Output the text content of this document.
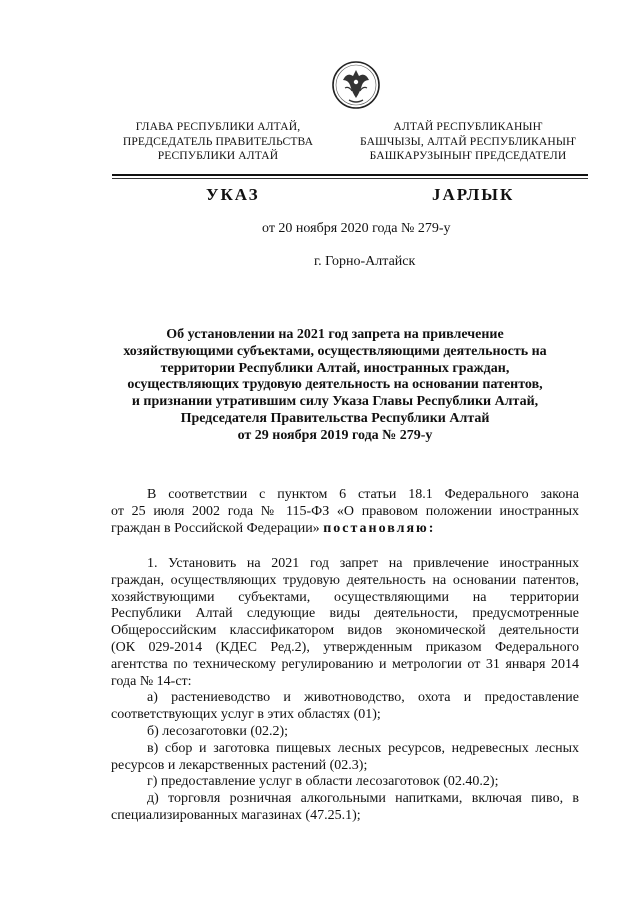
ГЛАВА РЕСПУБЛИКИ АЛТАЙ,
ПРЕДСЕДАТЕЛЬ ПРАВИТЕЛЬСТВА
РЕСПУБЛИКИ АЛТАЙ
АЛТАЙ РЕСПУБЛИКАНЫҤ
БАШЧЫЗЫ, АЛТАЙ РЕСПУБЛИКАНЫҤ
БАШКАРУЗЫНЫҤ ПРЕДСЕДАТЕЛИ
УКАЗ	JАРЛЫК
от 20 ноября 2020 года № 279-у
г. Горно-Алтайск
Об установлении на 2021 год запрета на привлечение
хозяйствующими субъектами, осуществляющими деятельность на
территории Республики Алтай, иностранных граждан,
осуществляющих трудовую деятельность на основании патентов,
и признании утратившим силу Указа Главы Республики Алтай,
Председателя Правительства Республики Алтай
от 29 ноября 2019 года № 279-у
В соответствии с пунктом 6 статьи 18.1 Федерального закона
от 25 июля 2002 года № 115-ФЗ «О правовом положении иностранных
граждан в Российской Федерации» постановляю:
1. Установить на 2021 год запрет на привлечение иностранных
граждан, осуществляющих трудовую деятельность на основании патентов,
хозяйствующими субъектами, осуществляющими на территории
Республики Алтай следующие виды деятельности, предусмотренные
Общероссийским классификатором видов экономической деятельности
(ОК 029-2014 (КДЕС Ред.2), утвержденным приказом Федерального
агентства по техническому регулированию и метрологии от 31 января 2014
года № 14-ст:
а) растениеводство и животноводство, охота и предоставление
соответствующих услуг в этих областях (01);
б) лесозаготовки (02.2);
в) сбор и заготовка пищевых лесных ресурсов, недревесных лесных
ресурсов и лекарственных растений (02.3);
г) предоставление услуг в области лесозаготовок (02.40.2);
д) торговля розничная алкогольными напитками, включая пиво, в
специализированных магазинах (47.25.1);
